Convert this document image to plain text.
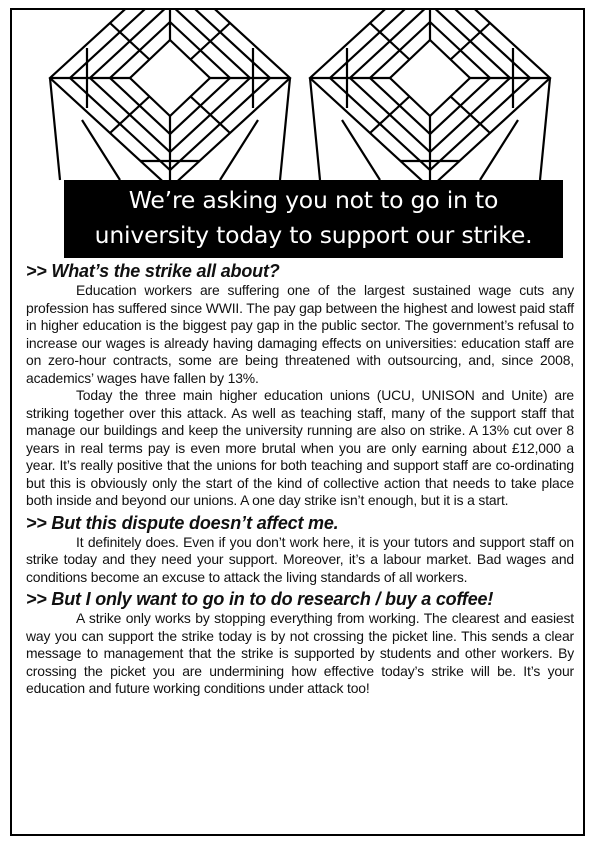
We’re asking you not to go in to
university today to support our strike.
>> What’s the strike all about?

Education workers are suffering one of the largest sustained wage cuts any profession has suffered since WWII. The pay gap between the highest and lowest paid staff in higher education is the biggest pay gap in the public sector. The government’s refusal to increase our wages is already having damaging effects on universities: education staff are on zero-hour contracts, some are being threatened with outsourcing, and, since 2008, academics’ wages have fallen by 13%.

Today the three main higher education unions (UCU, UNISON and Unite) are striking together over this attack. As well as teaching staff, many of the support staff that manage our buildings and keep the university running are also on strike. A 13% cut over 8 years in real terms pay is even more brutal when you are only earning about £12,000 a year. It’s really positive that the unions for both teaching and support staff are co-ordinating but this is obviously only the start of the kind of collective action that needs to take place both inside and beyond our unions. A one day strike isn’t enough, but it is a start.

>> But this dispute doesn’t affect me.

It definitely does. Even if you don’t work here, it is your tutors and support staff on strike today and they need your support. Moreover, it’s a labour market. Bad wages and conditions become an excuse to attack the living standards of all workers.

>> But I only want to go in to do research / buy a coffee!

A strike only works by stopping everything from working. The clearest and easiest way you can support the strike today is by not crossing the picket line. This sends a clear message to management that the strike is supported by students and other workers. By crossing the picket you are undermining how effective today’s strike will be. It’s your education and future working conditions under attack too!
